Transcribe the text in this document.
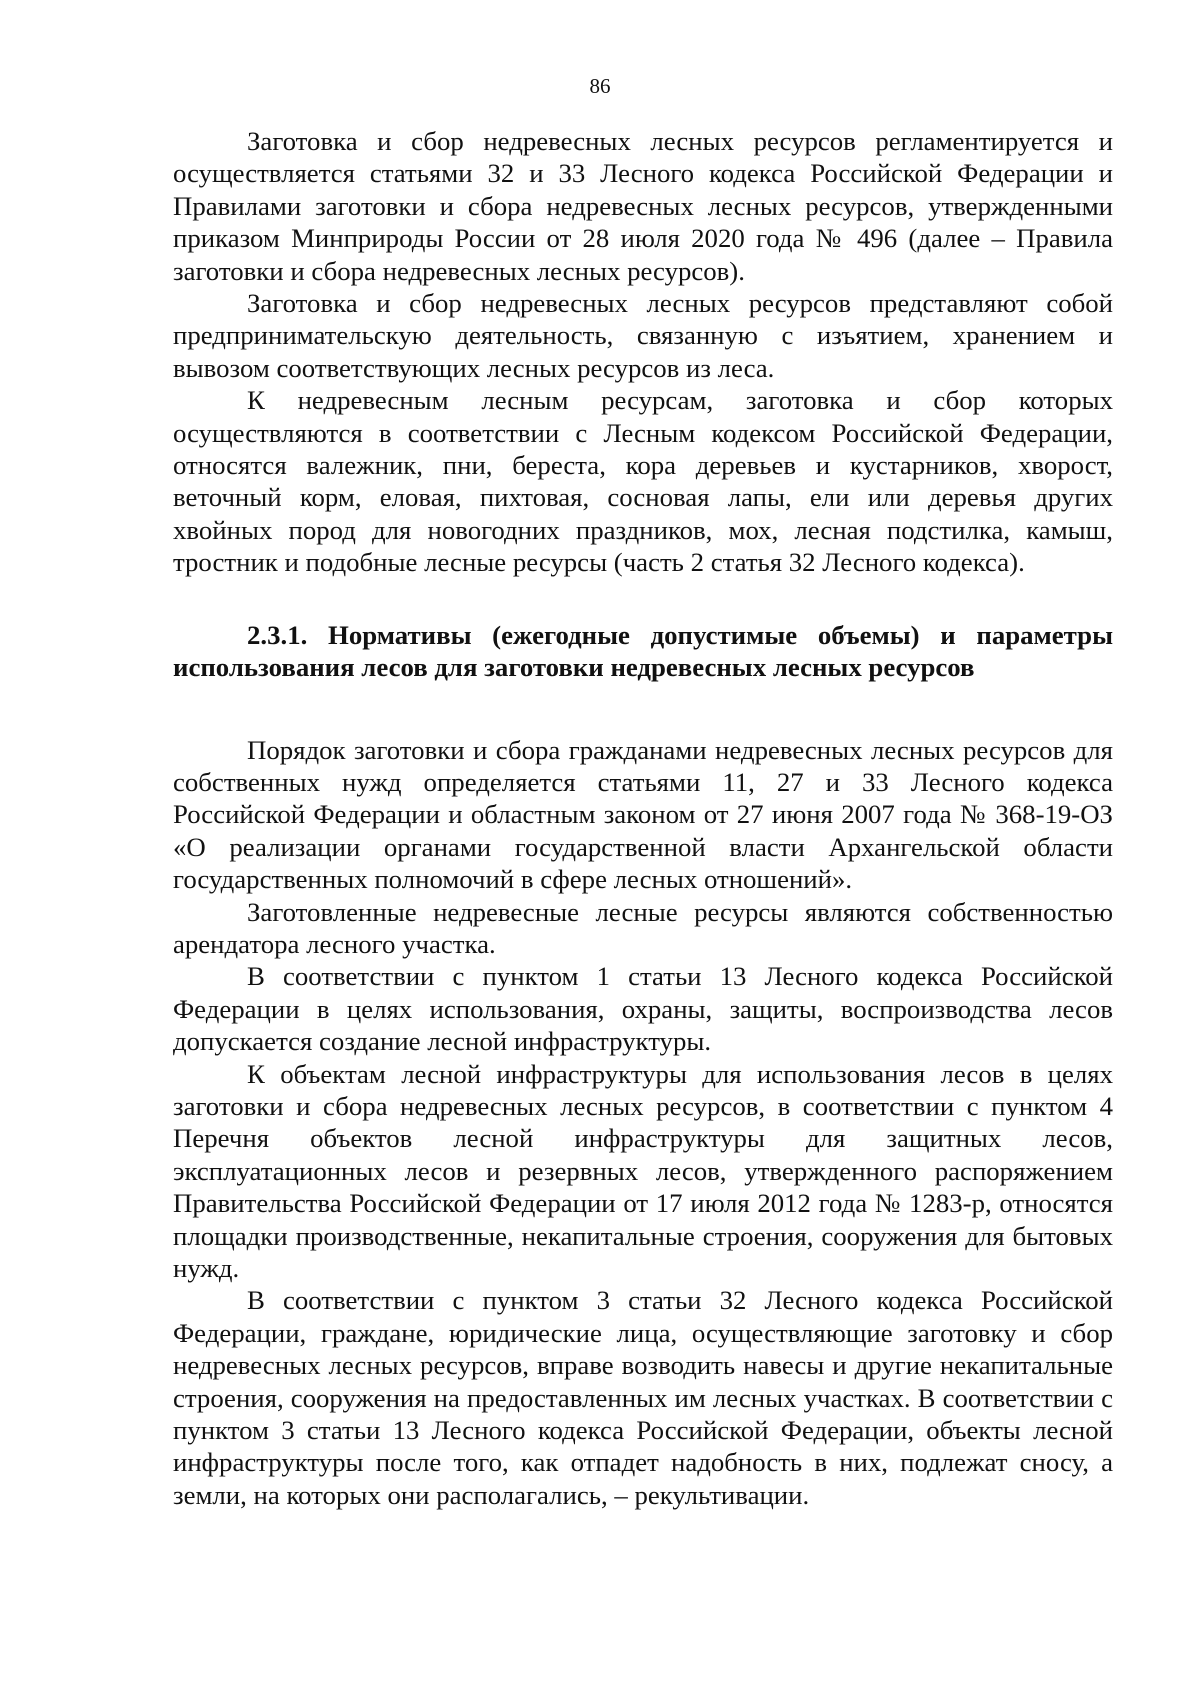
86

Заготовка и сбор недревесных лесных ресурсов регламентируется и осуществляется статьями 32 и 33 Лесного кодекса Российской Федерации и Правилами заготовки и сбора недревесных лесных ресурсов, утвержденными приказом Минприроды России от 28 июля 2020 года № 496 (далее – Правила заготовки и сбора недревесных лесных ресурсов).

Заготовка и сбор недревесных лесных ресурсов представляют собой предпринимательскую деятельность, связанную с изъятием, хранением и вывозом соответствующих лесных ресурсов из леса.

К недревесным лесным ресурсам, заготовка и сбор которых осуществляются в соответствии с Лесным кодексом Российской Федерации, относятся валежник, пни, береста, кора деревьев и кустарников, хворост, веточный корм, еловая, пихтовая, сосновая лапы, ели или деревья других хвойных пород для новогодних праздников, мох, лесная подстилка, камыш, тростник и подобные лесные ресурсы (часть 2 статья 32 Лесного кодекса).

2.3.1. Нормативы (ежегодные допустимые объемы) и параметры использования лесов для заготовки недревесных лесных ресурсов

Порядок заготовки и сбора гражданами недревесных лесных ресурсов для собственных нужд определяется статьями 11, 27 и 33 Лесного кодекса Российской Федерации и областным законом от 27 июня 2007 года № 368-19-ОЗ «О реализации органами государственной власти Архангельской области государственных полномочий в сфере лесных отношений».

Заготовленные недревесные лесные ресурсы являются собственностью арендатора лесного участка.

В соответствии с пунктом 1 статьи 13 Лесного кодекса Российской Федерации в целях использования, охраны, защиты, воспроизводства лесов допускается создание лесной инфраструктуры.

К объектам лесной инфраструктуры для использования лесов в целях заготовки и сбора недревесных лесных ресурсов, в соответствии с пунктом 4 Перечня объектов лесной инфраструктуры для защитных лесов, эксплуатационных лесов и резервных лесов, утвержденного распоряжением Правительства Российской Федерации от 17 июля 2012 года № 1283-р, относятся площадки производственные, некапитальные строения, сооружения для бытовых нужд.

В соответствии с пунктом 3 статьи 32 Лесного кодекса Российской Федерации, граждане, юридические лица, осуществляющие заготовку и сбор недревесных лесных ресурсов, вправе возводить навесы и другие некапитальные строения, сооружения на предоставленных им лесных участках. В соответствии с пунктом 3 статьи 13 Лесного кодекса Российской Федерации, объекты лесной инфраструктуры после того, как отпадет надобность в них, подлежат сносу, а земли, на которых они располагались, – рекультивации.
